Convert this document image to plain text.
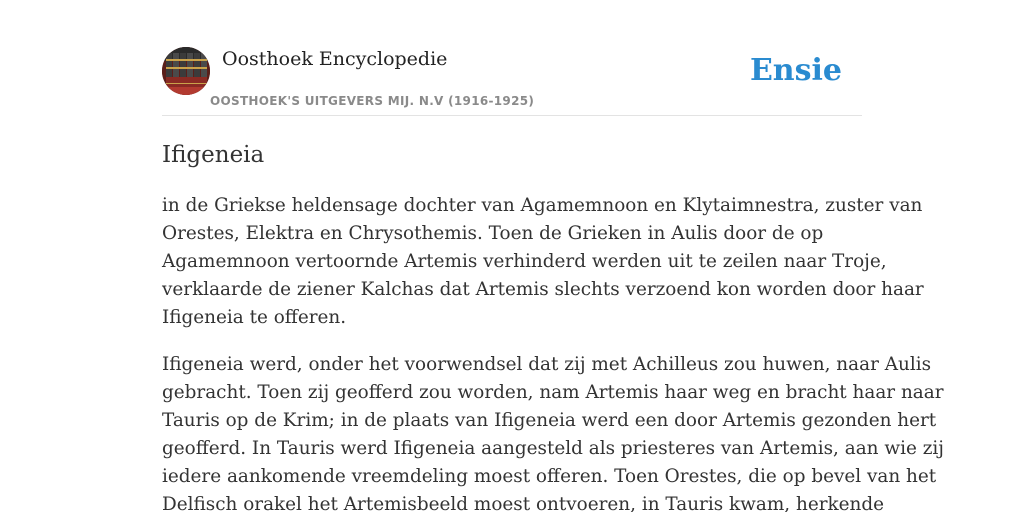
Oosthoek Encyclopedie
OOSTHOEK'S UITGEVERS MIJ. N.V (1916-1925)
Ensie
Ifigeneia

in de Griekse heldensage dochter van Agamemnoon en Klytaimnestra, zuster van
Orestes, Elektra en Chrysothemis. Toen de Grieken in Aulis door de op
Agamemnoon vertoornde Artemis verhinderd werden uit te zeilen naar Troje,
verklaarde de ziener Kalchas dat Artemis slechts verzoend kon worden door haar
Ifigeneia te offeren.

Ifigeneia werd, onder het voorwendsel dat zij met Achilleus zou huwen, naar Aulis
gebracht. Toen zij geofferd zou worden, nam Artemis haar weg en bracht haar naar
Tauris op de Krim; in de plaats van Ifigeneia werd een door Artemis gezonden hert
geofferd. In Tauris werd Ifigeneia aangesteld als priesteres van Artemis, aan wie zij
iedere aankomende vreemdeling moest offeren. Toen Orestes, die op bevel van het
Delfisch orakel het Artemisbeeld moest ontvoeren, in Tauris kwam, herkende
